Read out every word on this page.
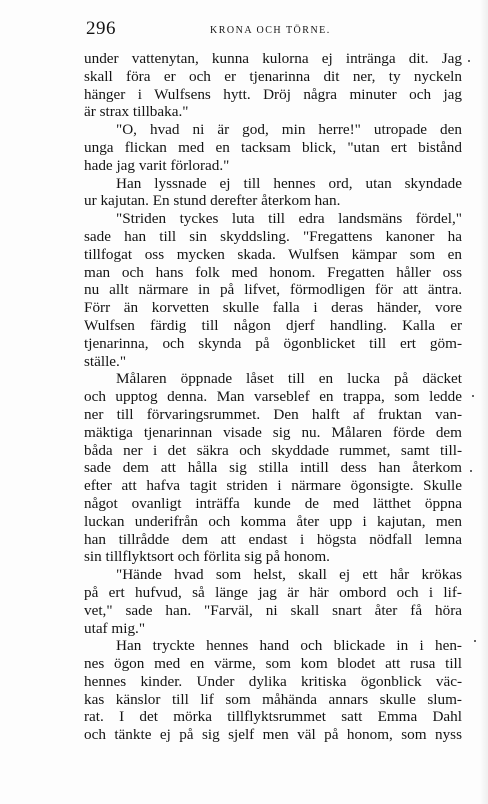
296	KRONA OCH TÖRNE.
under vattenytan, kunna kulorna ej intränga dit. Jag
skall föra er och er tjenarinna dit ner, ty nyckeln
hänger i Wulfsens hytt. Dröj några minuter och jag
är strax tillbaka."
"O, hvad ni är god, min herre!" utropade den
unga flickan med en tacksam blick, "utan ert bistånd
hade jag varit förlorad."
Han lyssnade ej till hennes ord, utan skyndade
ur kajutan. En stund derefter återkom han.
"Striden tyckes luta till edra landsmäns fördel,"
sade han till sin skyddsling. "Fregattens kanoner ha
tillfogat oss mycken skada. Wulfsen kämpar som en
man och hans folk med honom. Fregatten håller oss
nu allt närmare in på lifvet, förmodligen för att äntra.
Förr än korvetten skulle falla i deras händer, vore
Wulfsen färdig till någon djerf handling. Kalla er
tjenarinna, och skynda på ögonblicket till ert göm-
ställe."
Målaren öppnade låset till en lucka på däcket
och upptog denna. Man varseblef en trappa, som ledde
ner till förvaringsrummet. Den halft af fruktan van-
mäktiga tjenarinnan visade sig nu. Målaren förde dem
båda ner i det säkra och skyddade rummet, samt till-
sade dem att hålla sig stilla intill dess han återkom
efter att hafva tagit striden i närmare ögonsigte. Skulle
något ovanligt inträffa kunde de med lätthet öppna
luckan underifrån och komma åter upp i kajutan, men
han tillrådde dem att endast i högsta nödfall lemna
sin tillflyktsort och förlita sig på honom.
"Hände hvad som helst, skall ej ett hår krökas
på ert hufvud, så länge jag är här ombord och i lif-
vet," sade han. "Farväl, ni skall snart åter få höra
utaf mig."
Han tryckte hennes hand och blickade in i hen-
nes ögon med en värme, som kom blodet att rusa till
hennes kinder. Under dylika kritiska ögonblick väc-
kas känslor till lif som måhända annars skulle slum-
rat. I det mörka tillflyktsrummet satt Emma Dahl
och tänkte ej på sig sjelf men väl på honom, som nyss
